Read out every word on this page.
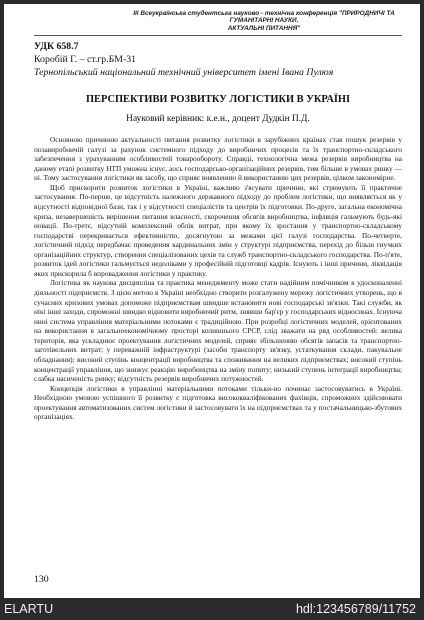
ІІІ Всеукраїнська студентська науково - технічна конференція "ПРИРОДНИЧІ ТА ГУМАНІТАРНІ НАУКИ.
АКТУАЛЬНІ ПИТАННЯ"
УДК 658.7
Коробій Г. – ст.гр.БМ-31
Тернопільський національний технічний університет імені Івана Пулюя
ПЕРСПЕКТИВИ РОЗВИТКУ ЛОГІСТИКИ В УКРАЇНІ
Науковий керівник: к.е.н., доцент Дудкін П.Д.

Основною причиною актуальності питання розвитку логістики в зарубіжних країнах став пошук резервів у позавиробничій галузі за рахунок системного підходу до виробничих процесів та їх транспортно-складського забезпечення з урахуванням особливостей товарообороту. Справді, технологічна межа резервів виробництва на даному етапі розвитку НТП уможна існує, аось господарсько-організаційних резервів, тим більше в умовах ринку — ні. Тому застосування логістики як засобу, що сприяє виявленню й використанню цих резервів, цілком закономірне.

Щоб прискорити розвиток логістики в Україні, важливо з'ясувати причини, які стримують її практичне застосування. По-перше, це відсутність належного державного підходу до проблем логістики, що виявляється як у відсутності відповідної бази, так і у відсутності спеціалістів та центрів їх підготовки. По-друге, загальна економічна криза, незавершеність вирішення питання власності, скорочення обсягів виробництва, інфляція гальмують будь-які новації. По-третє, відсутній комплексний облік витрат, при якому їх зростання у транспортно-складському господарстві перекривається ефективністю, досягнутою за межами цієї галузі господарства. По-четверте, логістичний підхід передбачає проведення кардинальних змін у структурі підприємства, перехід до більш гнучких організаційних структур, створення спеціалізованих цехів та служб транспортно-складського господарства. По-п'яте, розвиток ідей логістики гальмується недоліками у професійній підготовці кадрів. Існують і інші причини, ліквідація яких прискорила б впровадження логістики у практику.

Логістика як наукова дисципліна та практика менеджменту може стати надійним помічником в удосконаленні діяльності підприємств. З цією метою в Україні необхідно створити розгалужену мережу логістичних утворень, що в сучасних кризових умовах допоможе підприємствам швидше встановити нові господарські зв'язки. Такі служби, як нікі інші заходи, спроможні швидко відновити виробничий ритм, знявши бар'єр у господарських відносинах. Існуюча нині система управління матеріальними потоками є традиційною. При розробці логістичних моделей, орієнтованих на використання в загальноекономічному просторі колишнього СРСР, слід зважати на ряд особливостей: велика територія, яка ускладнює проектування логістичних моделей, сприяє збільшенню обсягів запасів та транспортно-заготівельних витрат; у переважній інфраструктурі (засоби транспорту зв'язку, устаткування склади, пакувальне обладнання); високий ступінь концентрації виробництва та споживання на великих підприємствах; високий ступінь концентрації управління, що знижує реакцію виробництва на зміну попиту; низький ступень інтеграції виробництва; слабка насиченість ринку; відсутність резервів виробничих потужностей.

Концепція логістики в управлінні матеріальними потоками тільки-но починає застосовуватись в Україні. Необхідною умовою успішного її розвитку є підготовка висококваліфікованих фахівців, спроможних здійснювати проектування автоматизованих систем логістики й застосовувати їх на підприємствах та у постачальницько-збутових організаціях.

130
ELARTU	hdl:123456789/11752
